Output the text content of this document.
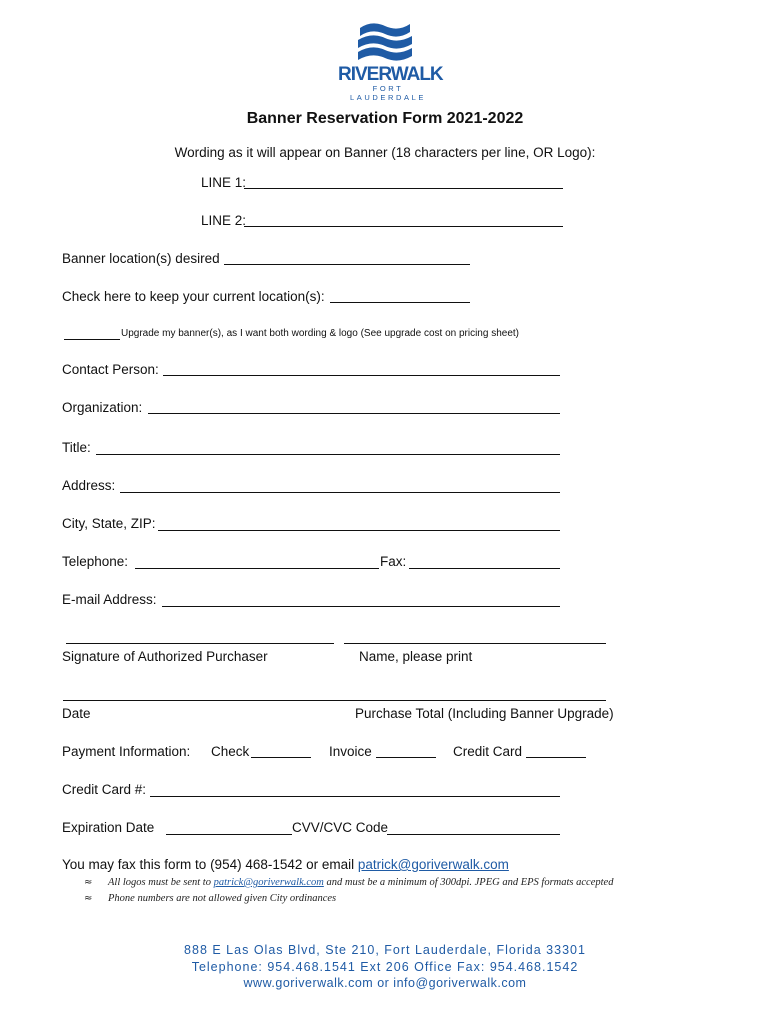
RIVERWALK
FORT LAUDERDALE
Banner Reservation Form 2021-2022
Wording as it will appear on Banner (18 characters per line, OR Logo):
LINE 1:
LINE 2:
Banner location(s) desired
Check here to keep your current location(s):
Upgrade my banner(s), as I want both wording & logo (See upgrade cost on pricing sheet)
Contact Person:
Organization:
Title:
Address:
City, State, ZIP:
Telephone:	Fax:
E-mail Address:
Signature of Authorized Purchaser	Name, please print
Date	Purchase Total (Including Banner Upgrade)
Payment Information: Check	Invoice	Credit Card
Credit Card #:
Expiration Date	CVV/CVC Code
You may fax this form to (954) 468-1542 or email patrick@goriverwalk.com
≈ All logos must be sent to patrick@goriverwalk.com and must be a minimum of 300dpi. JPEG and EPS formats accepted
≈ Phone numbers are not allowed given City ordinances
888 E Las Olas Blvd, Ste 210, Fort Lauderdale, Florida 33301
Telephone: 954.468.1541 Ext 206 Office Fax: 954.468.1542
www.goriverwalk.com or info@goriverwalk.com
